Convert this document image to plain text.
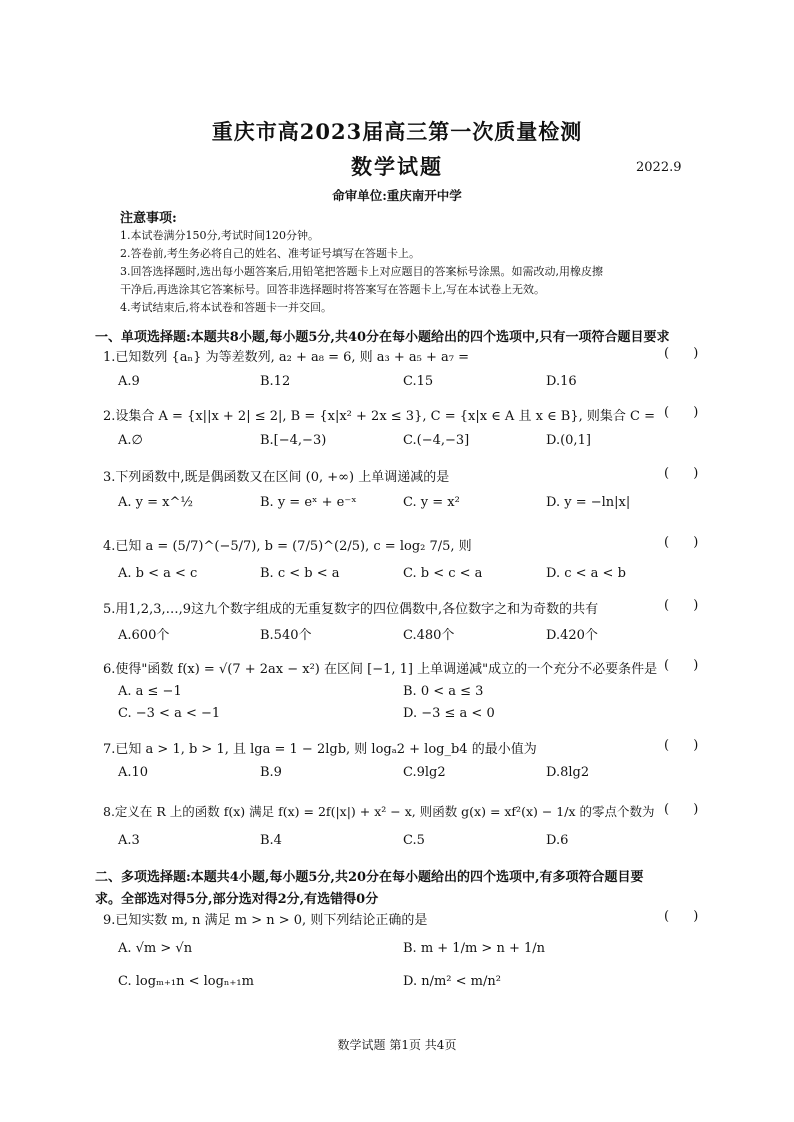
重庆市高2023届高三第一次质量检测
数学试题	2022.9
命审单位:重庆南开中学
注意事项:
1.本试卷满分150分,考试时间120分钟。
2.答卷前,考生务必将自己的姓名、准考证号填写在答题卡上。
3.回答选择题时,选出每小题答案后,用铅笔把答题卡上对应题目的答案标号涂黑。如需改动,用橡皮擦
干净后,再选涂其它答案标号。回答非选择题时将答案写在答题卡上,写在本试卷上无效。
4.考试结束后,将本试卷和答题卡一并交回。
一、单项选择题:本题共8小题,每小题5分,共40分在每小题给出的四个选项中,只有一项符合题目要求
1.已知数列 {aₙ} 为等差数列, a₂ + a₈ = 6, 则 a₃ + a₅ + a₇ =	( )
A.9	B.12	C.15	D.16
2.设集合 A = {x||x + 2| ≤ 2|, B = {x|x² + 2x ≤ 3}, C = {x|x ∈ A 且 x ∈ B}, 则集合 C = ( )
A.∅	B.[−4,−3)	C.(−4,−3]	D.(0,1]
3.下列函数中,既是偶函数又在区间 (0, +∞) 上单调递减的是	( )
A. y = x^½	B. y = eˣ + e⁻ˣ	C. y = x²	D. y = −ln|x|
4.已知 a = (5/7)^(−5/7), b = (7/5)^(2/5), c = log₂ 7/5, 则	( )
A. b < a < c	B. c < b < a	C. b < c < a	D. c < a < b
5.用1,2,3,…,9这九个数字组成的无重复数字的四位偶数中,各位数字之和为奇数的共有	( )
A.600个	B.540个	C.480个	D.420个
6.使得"函数 f(x) = √(7 + 2ax − x²) 在区间 [−1, 1] 上单调递减"成立的一个充分不必要条件是 ( )
A. a ≤ −1	B. 0 < a ≤ 3
C. −3 < a < −1	D. −3 ≤ a < 0
7.已知 a > 1, b > 1, 且 lga = 1 − 2lgb, 则 logₐ2 + log_b4 的最小值为	( )
A.10	B.9	C.9lg2	D.8lg2
8.定义在 R 上的函数 f(x) 满足 f(x) = 2f(|x|) + x² − x, 则函数 g(x) = xf²(x) − 1/x 的零点个数为 ( )
A.3	B.4	C.5	D.6
二、多项选择题:本题共4小题,每小题5分,共20分在每小题给出的四个选项中,有多项符合题目要
求。全部选对得5分,部分选对得2分,有选错得0分
9.已知实数 m, n 满足 m > n > 0, 则下列结论正确的是	( )
A. √m > √n	B. m + 1/m > n + 1/n
C. logₘ₊₁n < logₙ₊₁m	D. n/m² < m/n²
数学试题 第1页 共4页
